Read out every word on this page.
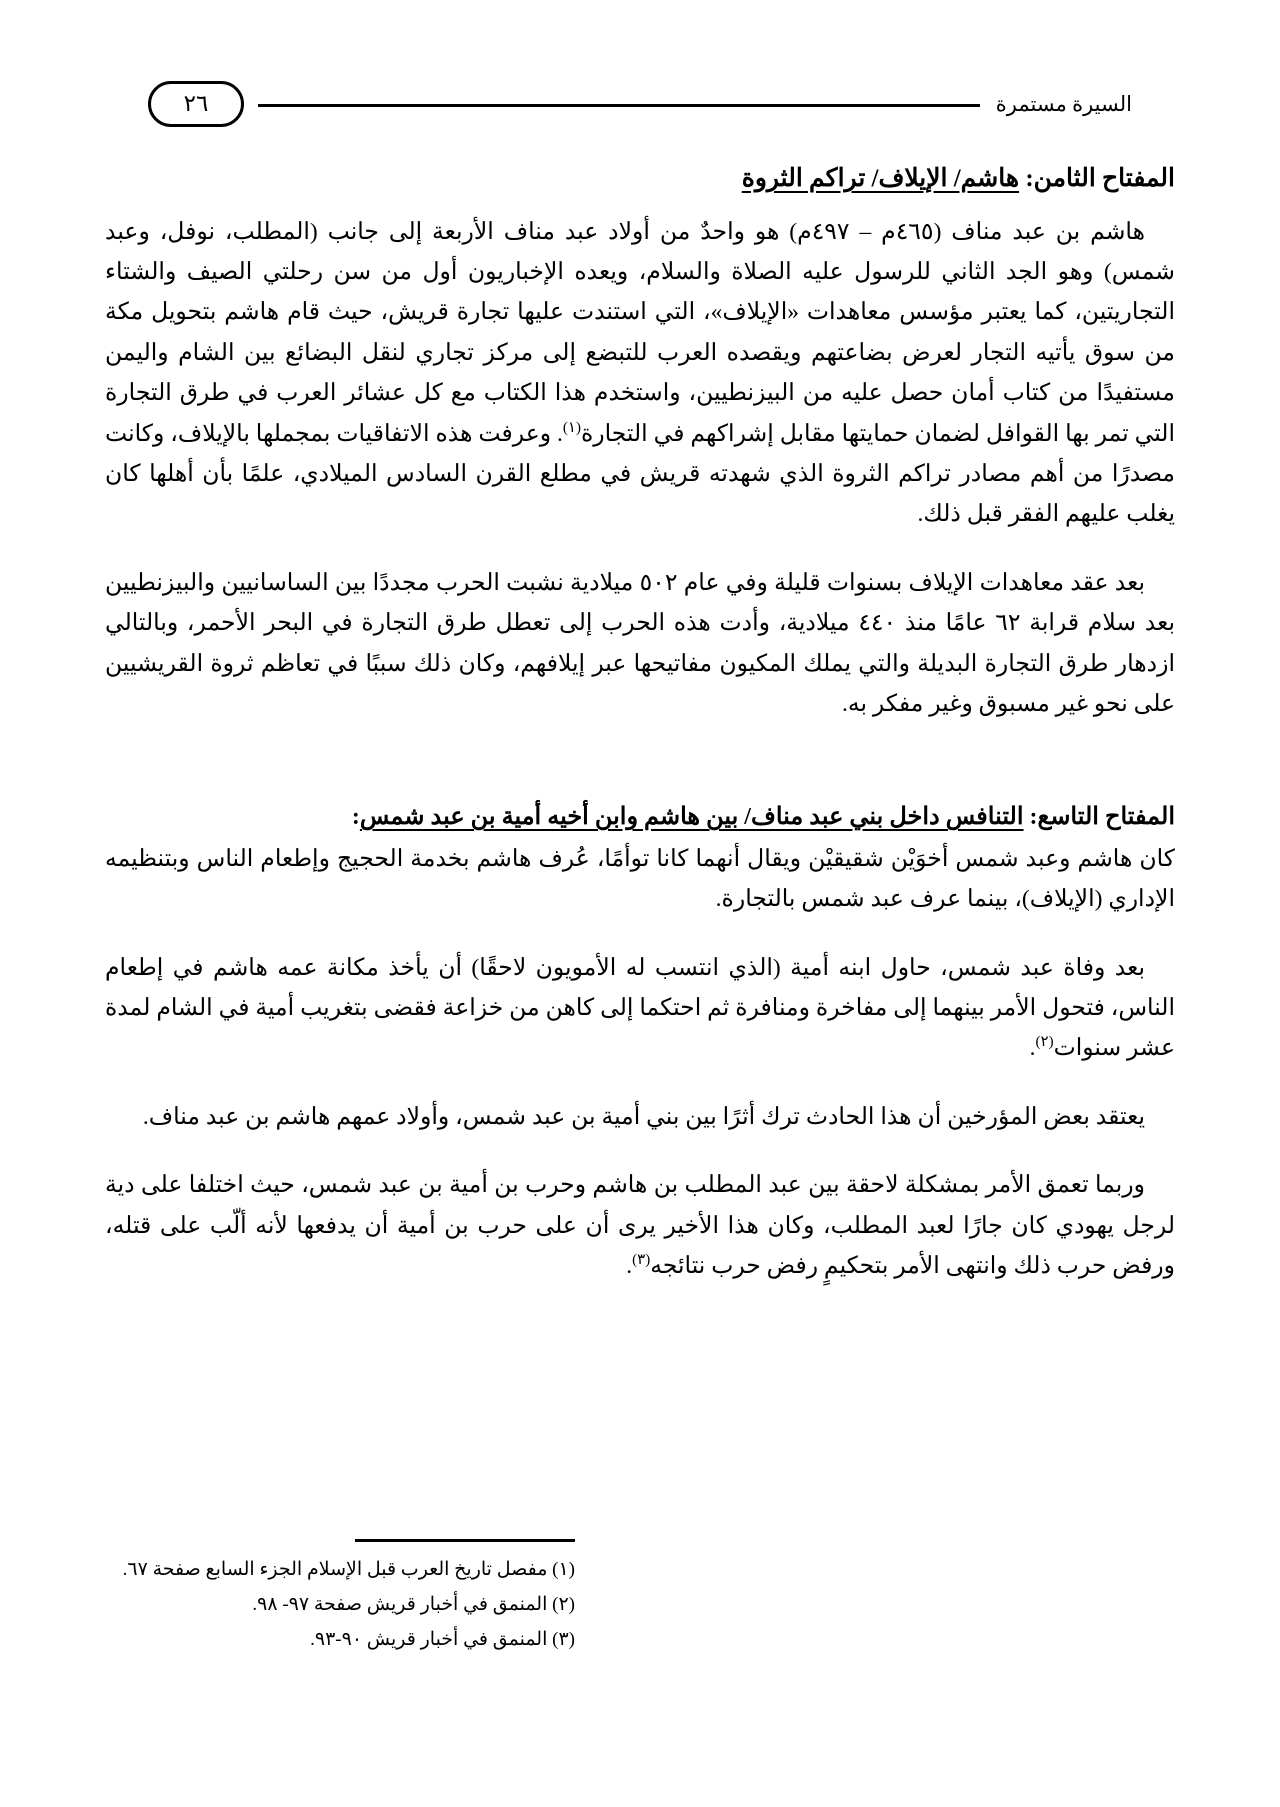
السيرة مستمرة
٢٦
المفتاح الثامن: هاشم/ الإيلاف/ تراكم الثروة

هاشم بن عبد مناف (٤٦٥م – ٤٩٧م) هو واحدٌ من أولاد عبد مناف الأربعة إلى جانب (المطلب، نوفل، وعبد شمس) وهو الجد الثاني للرسول عليه الصلاة والسلام، ويعده الإخباريون أول من سن رحلتي الصيف والشتاء التجاريتين، كما يعتبر مؤسس معاهدات «الإيلاف»، التي استندت عليها تجارة قريش، حيث قام هاشم بتحويل مكة من سوق يأتيه التجار لعرض بضاعتهم ويقصده العرب للتبضع إلى مركز تجاري لنقل البضائع بين الشام واليمن مستفيدًا من كتاب أمان حصل عليه من البيزنطيين، واستخدم هذا الكتاب مع كل عشائر العرب في طرق التجارة التي تمر بها القوافل لضمان حمايتها مقابل إشراكهم في التجارة$^{(١)}$. وعرفت هذه الاتفاقيات بمجملها بالإيلاف، وكانت مصدرًا من أهم مصادر تراكم الثروة الذي شهدته قريش في مطلع القرن السادس الميلادي، علمًا بأن أهلها كان يغلب عليهم الفقر قبل ذلك.

بعد عقد معاهدات الإيلاف بسنوات قليلة وفي عام ٥٠٢ ميلادية نشبت الحرب مجددًا بين الساسانيين والبيزنطيين بعد سلام قرابة ٦٢ عامًا منذ ٤٤٠ ميلادية، وأدت هذه الحرب إلى تعطل طرق التجارة في البحر الأحمر، وبالتالي ازدهار طرق التجارة البديلة والتي يملك المكيون مفاتيحها عبر إيلافهم، وكان ذلك سببًا في تعاظم ثروة القريشيين على نحو غير مسبوق وغير مفكر به.

المفتاح التاسع: التنافس داخل بني عبد مناف/ بين هاشم وابن أخيه أمية بن عبد شمس:

كان هاشم وعبد شمس أخوَيْن شقيقيْن ويقال أنهما كانا توأمًا، عُرف هاشم بخدمة الحجيج وإطعام الناس وبتنظيمه الإداري (الإيلاف)، بينما عرف عبد شمس بالتجارة.

بعد وفاة عبد شمس، حاول ابنه أمية (الذي انتسب له الأمويون لاحقًا) أن يأخذ مكانة عمه هاشم في إطعام الناس، فتحول الأمر بينهما إلى مفاخرة ومنافرة ثم احتكما إلى كاهن من خزاعة فقضى بتغريب أمية في الشام لمدة عشر سنوات$^{(٢)}$.

يعتقد بعض المؤرخين أن هذا الحادث ترك أثرًا بين بني أمية بن عبد شمس، وأولاد عمهم هاشم بن عبد مناف.

وربما تعمق الأمر بمشكلة لاحقة بين عبد المطلب بن هاشم وحرب بن أمية بن عبد شمس، حيث اختلفا على دية لرجل يهودي كان جارًا لعبد المطلب، وكان هذا الأخير يرى أن على حرب بن أمية أن يدفعها لأنه ألّب على قتله، ورفض حرب ذلك وانتهى الأمر بتحكيمٍ رفض حرب نتائجه$^{(٣)}$.

(١) مفصل تاريخ العرب قبل الإسلام الجزء السابع صفحة ٦٧.
(٢) المنمق في أخبار قريش صفحة ٩٧- ٩٨.
(٣) المنمق في أخبار قريش ٩٠-٩٣.
